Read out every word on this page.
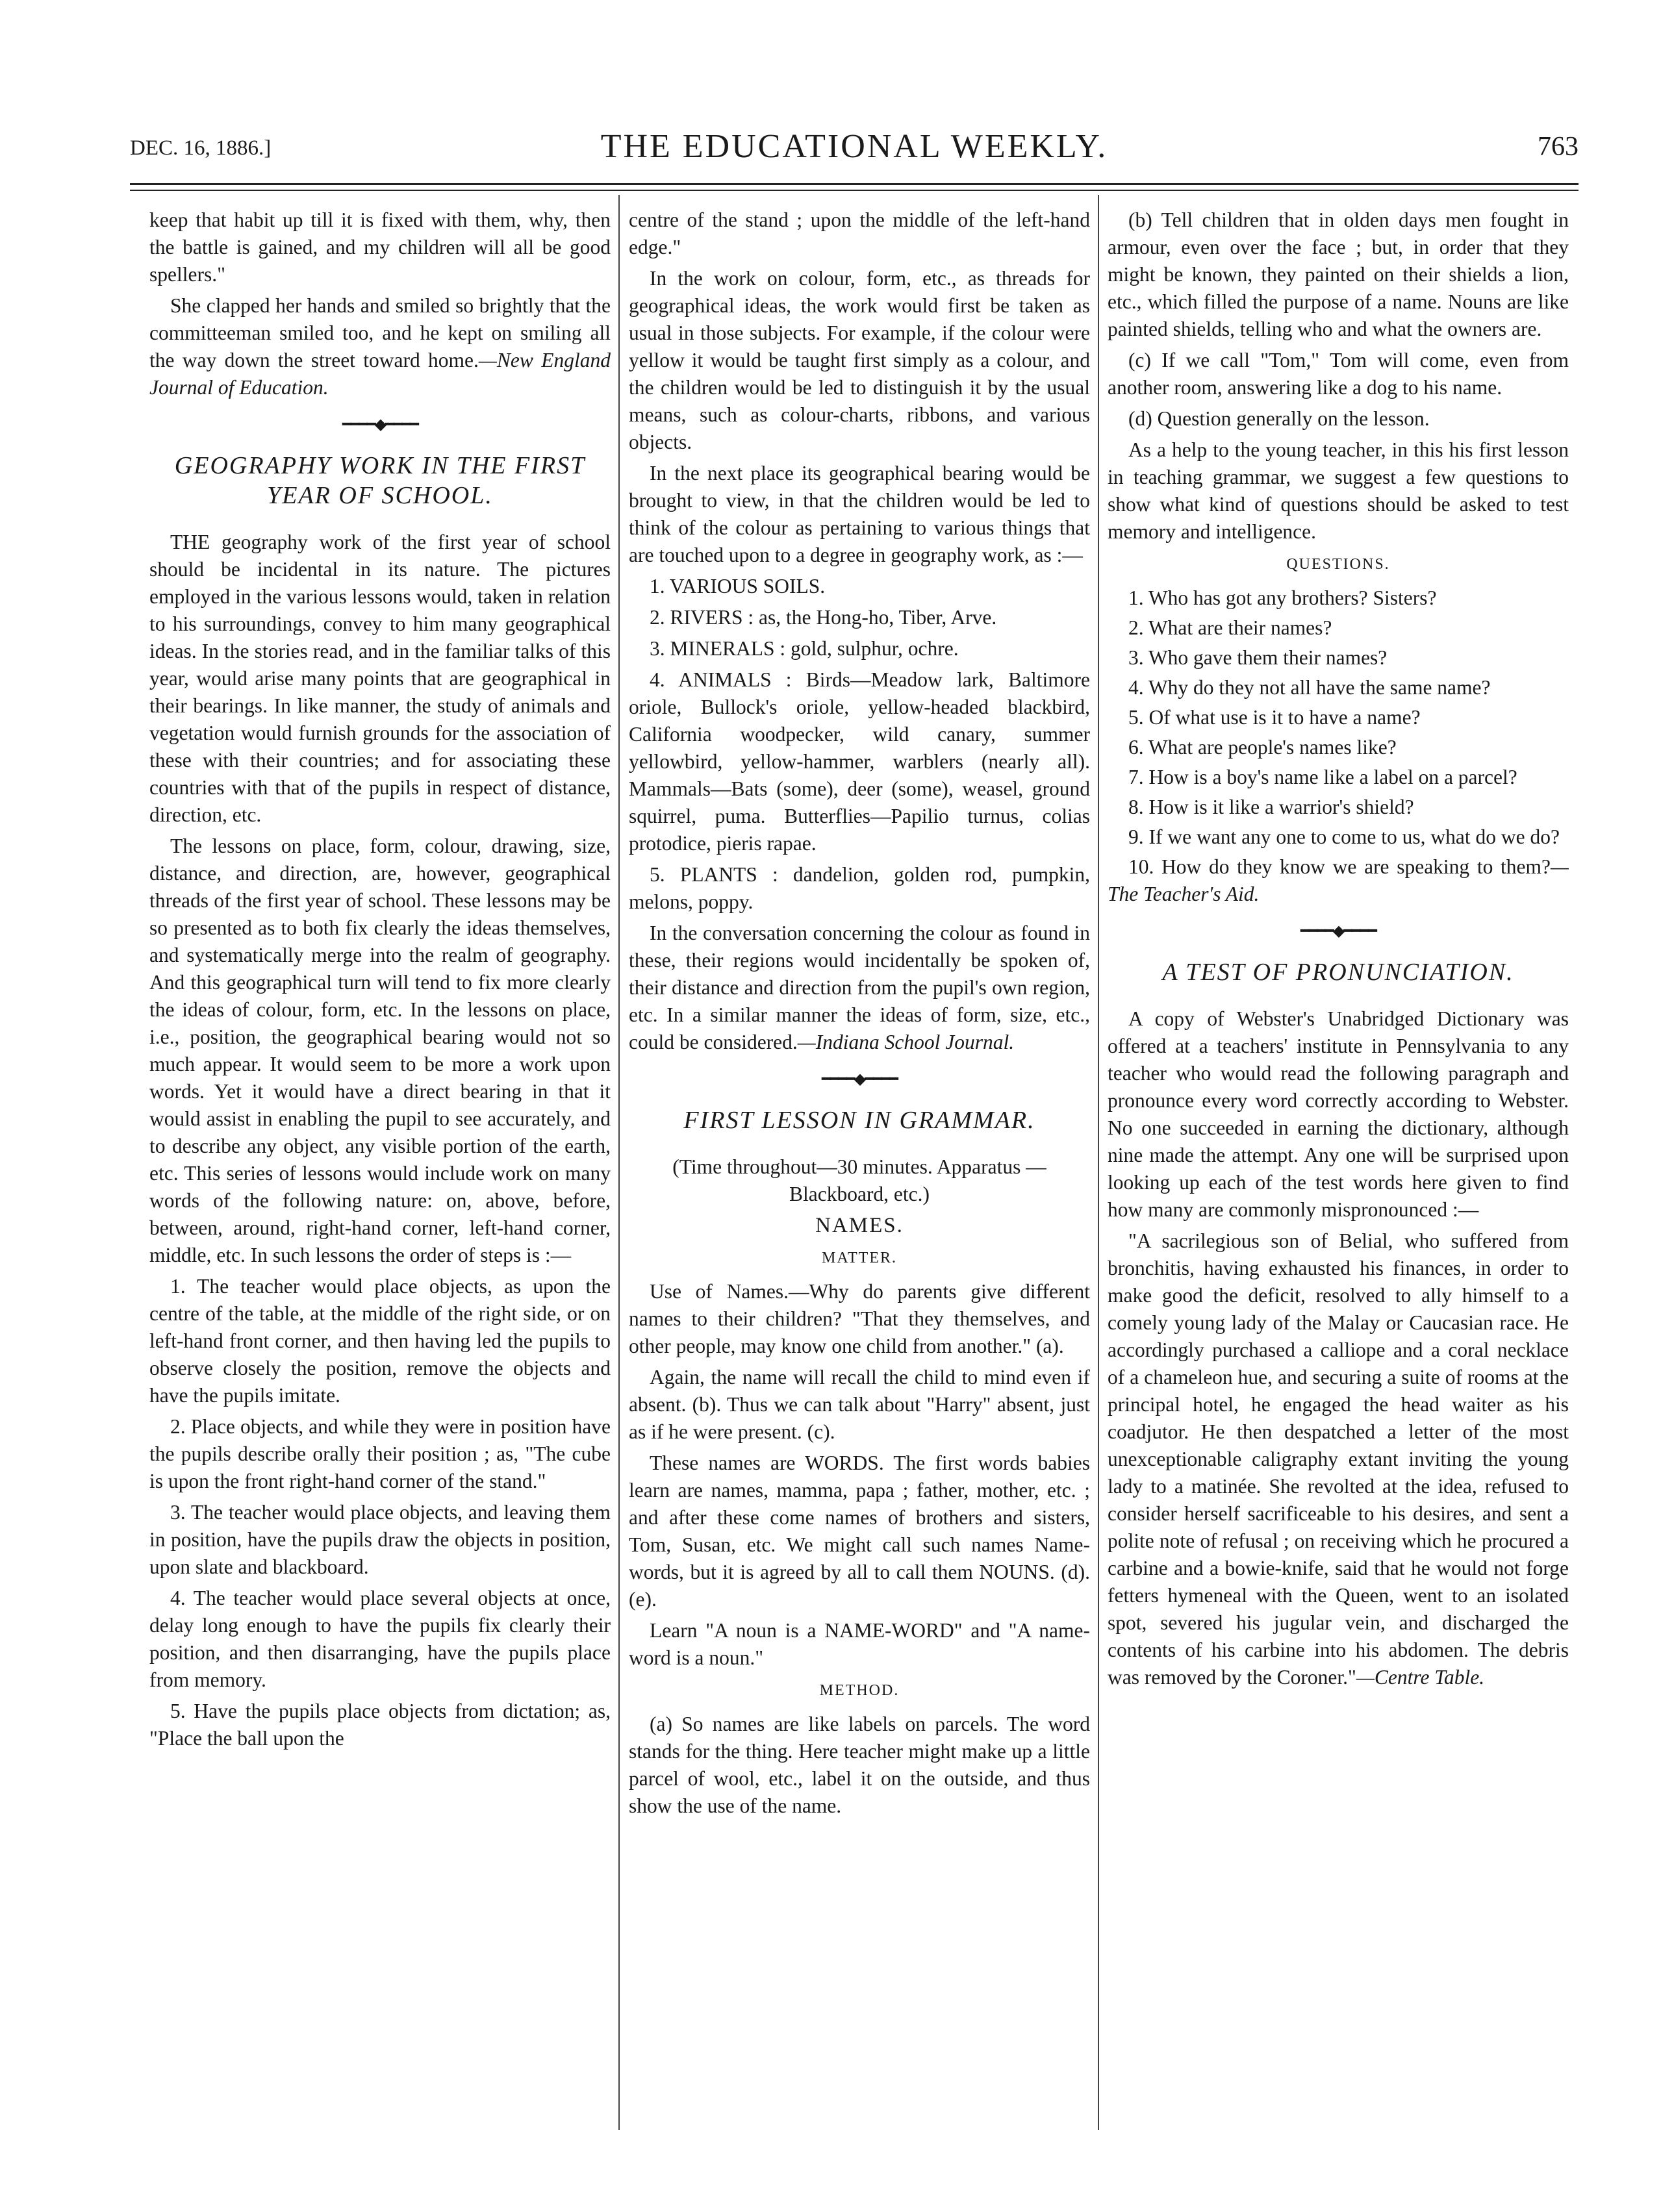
DEC. 16, 1886.]	THE EDUCATIONAL WEEKLY.	763

keep that habit up till it is fixed with them, why, then the battle is gained, and my children will all be good spellers."

She clapped her hands and smiled so brightly that the committeeman smiled too, and he kept on smiling all the way down the street toward home.—New England Journal of Education.

━━━━◆━━━━
GEOGRAPHY WORK IN THE FIRST YEAR OF SCHOOL.

THE geography work of the first year of school should be incidental in its nature. The pictures employed in the various lessons would, taken in relation to his surroundings, convey to him many geographical ideas. In the stories read, and in the familiar talks of this year, would arise many points that are geographical in their bearings. In like manner, the study of animals and vegetation would furnish grounds for the association of these with their countries; and for associating these countries with that of the pupils in respect of distance, direction, etc.

The lessons on place, form, colour, drawing, size, distance, and direction, are, however, geographical threads of the first year of school. These lessons may be so presented as to both fix clearly the ideas themselves, and systematically merge into the realm of geography. And this geographical turn will tend to fix more clearly the ideas of colour, form, etc. In the lessons on place, i.e., position, the geographical bearing would not so much appear. It would seem to be more a work upon words. Yet it would have a direct bearing in that it would assist in enabling the pupil to see accurately, and to describe any object, any visible portion of the earth, etc. This series of lessons would include work on many words of the following nature: on, above, before, between, around, right-hand corner, left-hand corner, middle, etc. In such lessons the order of steps is :—

1. The teacher would place objects, as upon the centre of the table, at the middle of the right side, or on left-hand front corner, and then having led the pupils to observe closely the position, remove the objects and have the pupils imitate.

2. Place objects, and while they were in position have the pupils describe orally their position ; as, "The cube is upon the front right-hand corner of the stand."

3. The teacher would place objects, and leaving them in position, have the pupils draw the objects in position, upon slate and blackboard.

4. The teacher would place several objects at once, delay long enough to have the pupils fix clearly their position, and then disarranging, have the pupils place from memory.

5. Have the pupils place objects from dictation; as, "Place the ball upon the

centre of the stand ; upon the middle of the left-hand edge."

In the work on colour, form, etc., as threads for geographical ideas, the work would first be taken as usual in those subjects. For example, if the colour were yellow it would be taught first simply as a colour, and the children would be led to distinguish it by the usual means, such as colour-charts, ribbons, and various objects.

In the next place its geographical bearing would be brought to view, in that the children would be led to think of the colour as pertaining to various things that are touched upon to a degree in geography work, as :—

1. VARIOUS SOILS.

2. RIVERS : as, the Hong-ho, Tiber, Arve.

3. MINERALS : gold, sulphur, ochre.

4. ANIMALS : Birds—Meadow lark, Baltimore oriole, Bullock's oriole, yellow-headed blackbird, California woodpecker, wild canary, summer yellowbird, yellow-hammer, warblers (nearly all). Mammals—Bats (some), deer (some), weasel, ground squirrel, puma. Butterflies—Papilio turnus, colias protodice, pieris rapae.

5. PLANTS : dandelion, golden rod, pumpkin, melons, poppy.

In the conversation concerning the colour as found in these, their regions would incidentally be spoken of, their distance and direction from the pupil's own region, etc. In a similar manner the ideas of form, size, etc., could be considered.—Indiana School Journal.

━━━━◆━━━━
FIRST LESSON IN GRAMMAR.

(Time throughout—30 minutes. Apparatus —Blackboard, etc.)

NAMES.
MATTER.

Use of Names.—Why do parents give different names to their children? "That they themselves, and other people, may know one child from another." (a).

Again, the name will recall the child to mind even if absent. (b). Thus we can talk about "Harry" absent, just as if he were present. (c).

These names are WORDS. The first words babies learn are names, mamma, papa ; father, mother, etc. ; and after these come names of brothers and sisters, Tom, Susan, etc. We might call such names Name-words, but it is agreed by all to call them NOUNS. (d). (e).

Learn "A noun is a NAME-WORD" and "A name-word is a noun."

METHOD.

(a) So names are like labels on parcels. The word stands for the thing. Here teacher might make up a little parcel of wool, etc., label it on the outside, and thus show the use of the name.

(b) Tell children that in olden days men fought in armour, even over the face ; but, in order that they might be known, they painted on their shields a lion, etc., which filled the purpose of a name. Nouns are like painted shields, telling who and what the owners are.

(c) If we call "Tom," Tom will come, even from another room, answering like a dog to his name.

(d) Question generally on the lesson.

As a help to the young teacher, in this his first lesson in teaching grammar, we suggest a few questions to show what kind of questions should be asked to test memory and intelligence.

QUESTIONS.

1. Who has got any brothers? Sisters?

2. What are their names?

3. Who gave them their names?

4. Why do they not all have the same name?

5. Of what use is it to have a name?

6. What are people's names like?

7. How is a boy's name like a label on a parcel?

8. How is it like a warrior's shield?

9. If we want any one to come to us, what do we do?

10. How do they know we are speaking to them?—The Teacher's Aid.

━━━━◆━━━━
A TEST OF PRONUNCIATION.

A copy of Webster's Unabridged Dictionary was offered at a teachers' institute in Pennsylvania to any teacher who would read the following paragraph and pronounce every word correctly according to Webster. No one succeeded in earning the dictionary, although nine made the attempt. Any one will be surprised upon looking up each of the test words here given to find how many are commonly mispronounced :—

"A sacrilegious son of Belial, who suffered from bronchitis, having exhausted his finances, in order to make good the deficit, resolved to ally himself to a comely young lady of the Malay or Caucasian race. He accordingly purchased a calliope and a coral necklace of a chameleon hue, and securing a suite of rooms at the principal hotel, he engaged the head waiter as his coadjutor. He then despatched a letter of the most unexceptionable caligraphy extant inviting the young lady to a matinée. She revolted at the idea, refused to consider herself sacrificeable to his desires, and sent a polite note of refusal ; on receiving which he procured a carbine and a bowie-knife, said that he would not forge fetters hymeneal with the Queen, went to an isolated spot, severed his jugular vein, and discharged the contents of his carbine into his abdomen. The debris was removed by the Coroner."—Centre Table.
